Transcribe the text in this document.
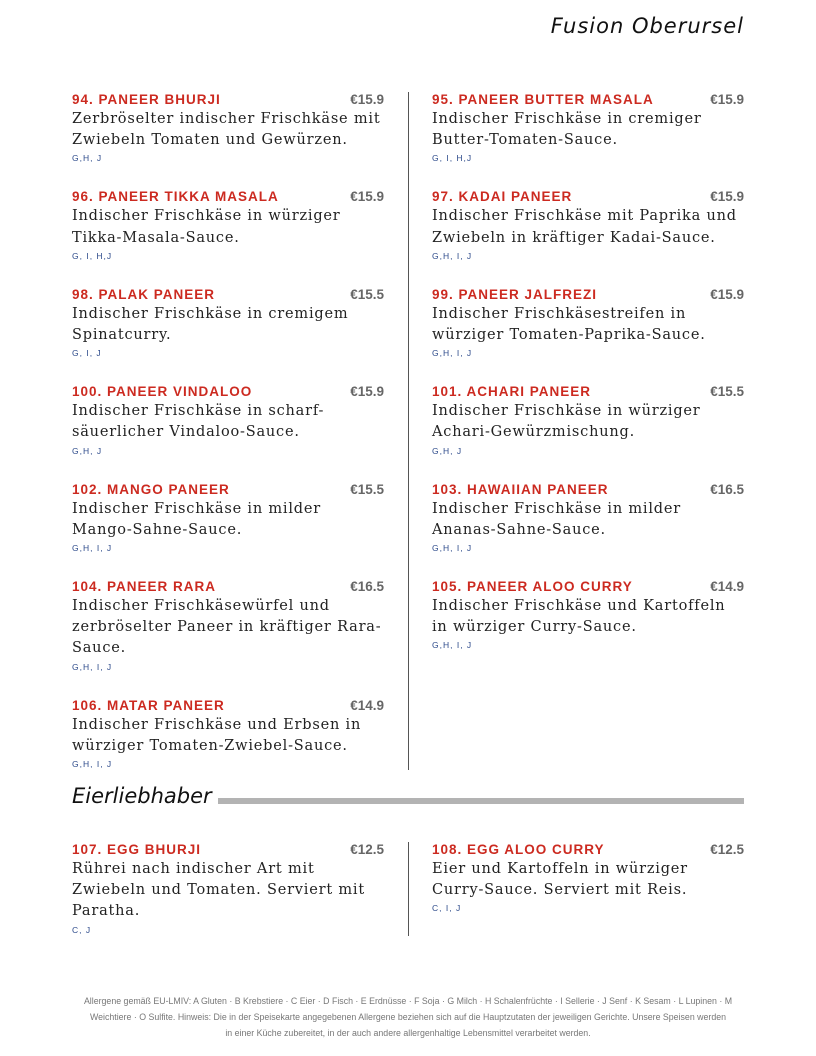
Fusion Oberursel
94. PANEER BHURJI	€15.9
Zerbröselter indischer Frischkäse mit Zwiebeln Tomaten und Gewürzen.
G,H, J
96. PANEER TIKKA MASALA	€15.9
Indischer Frischkäse in würziger Tikka-Masala-Sauce.
G, I, H,J
98. PALAK PANEER	€15.5
Indischer Frischkäse in cremigem Spinatcurry.
G, I, J
100. PANEER VINDALOO	€15.9
Indischer Frischkäse in scharf-säuerlicher Vindaloo-Sauce.
G,H, J
102. MANGO PANEER	€15.5
Indischer Frischkäse in milder Mango-Sahne-Sauce.
G,H, I, J
104. PANEER RARA	€16.5
Indischer Frischkäsewürfel und zerbröselter Paneer in kräftiger Rara-Sauce.
G,H, I, J
106. MATAR PANEER	€14.9
Indischer Frischkäse und Erbsen in würziger Tomaten-Zwiebel-Sauce.
G,H, I, J
95. PANEER BUTTER MASALA	€15.9
Indischer Frischkäse in cremiger Butter-Tomaten-Sauce.
G, I, H,J
97. KADAI PANEER	€15.9
Indischer Frischkäse mit Paprika und Zwiebeln in kräftiger Kadai-Sauce.
G,H, I, J
99. PANEER JALFREZI	€15.9
Indischer Frischkäsestreifen in würziger Tomaten-Paprika-Sauce.
G,H, I, J
101. ACHARI PANEER	€15.5
Indischer Frischkäse in würziger Achari-Gewürzmischung.
G,H, J
103. HAWAIIAN PANEER	€16.5
Indischer Frischkäse in milder Ananas-Sahne-Sauce.
G,H, I, J
105. PANEER ALOO CURRY	€14.9
Indischer Frischkäse und Kartoffeln in würziger Curry-Sauce.
G,H, I, J
Eierliebhaber
107. EGG BHURJI	€12.5
Rührei nach indischer Art mit Zwiebeln und Tomaten. Serviert mit Paratha.
C, J
108. EGG ALOO CURRY	€12.5
Eier und Kartoffeln in würziger Curry-Sauce. Serviert mit Reis.
C, I, J
Allergene gemäß EU-LMIV: A Gluten · B Krebstiere · C Eier · D Fisch · E Erdnüsse · F Soja · G Milch · H Schalenfrüchte · I Sellerie · J Senf · K Sesam · L Lupinen · M
Weichtiere · O Sulfite. Hinweis: Die in der Speisekarte angegebenen Allergene beziehen sich auf die Hauptzutaten der jeweiligen Gerichte. Unsere Speisen werden
in einer Küche zubereitet, in der auch andere allergenhaltige Lebensmittel verarbeitet werden.
